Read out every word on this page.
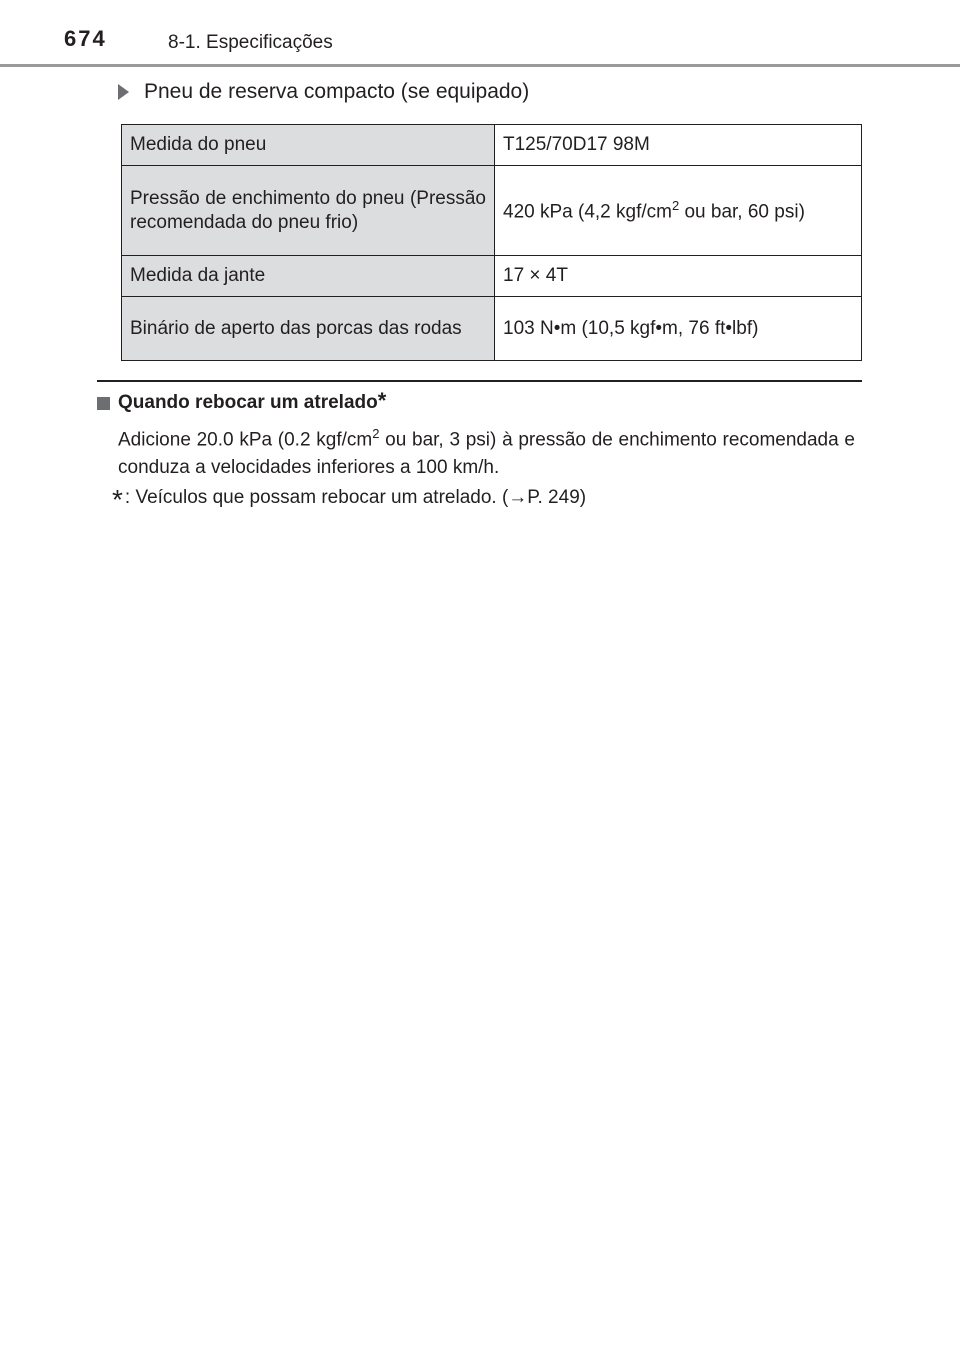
674	8-1. Especificações
Pneu de reserva compacto (se equipado)
Medida do pneu	T125/70D17 98M
Pressão de enchimento do pneu (Pressão recomendada do pneu frio)	420 kPa (4,2 kgf/$cm^2$ ou bar, 60 psi)
Medida da jante	17 × 4T
Binário de aperto das porcas das rodas	103 N•m (10,5 kgf•m, 76 ft•lbf)
Quando rebocar um atrelado*
Adicione 20.0 kPa (0.2 kgf/$cm^2$ ou bar, 3 psi) à pressão de enchimento recomendada e conduza a velocidades inferiores a 100 km/h.
* : Veículos que possam rebocar um atrelado. (→P. 249)
